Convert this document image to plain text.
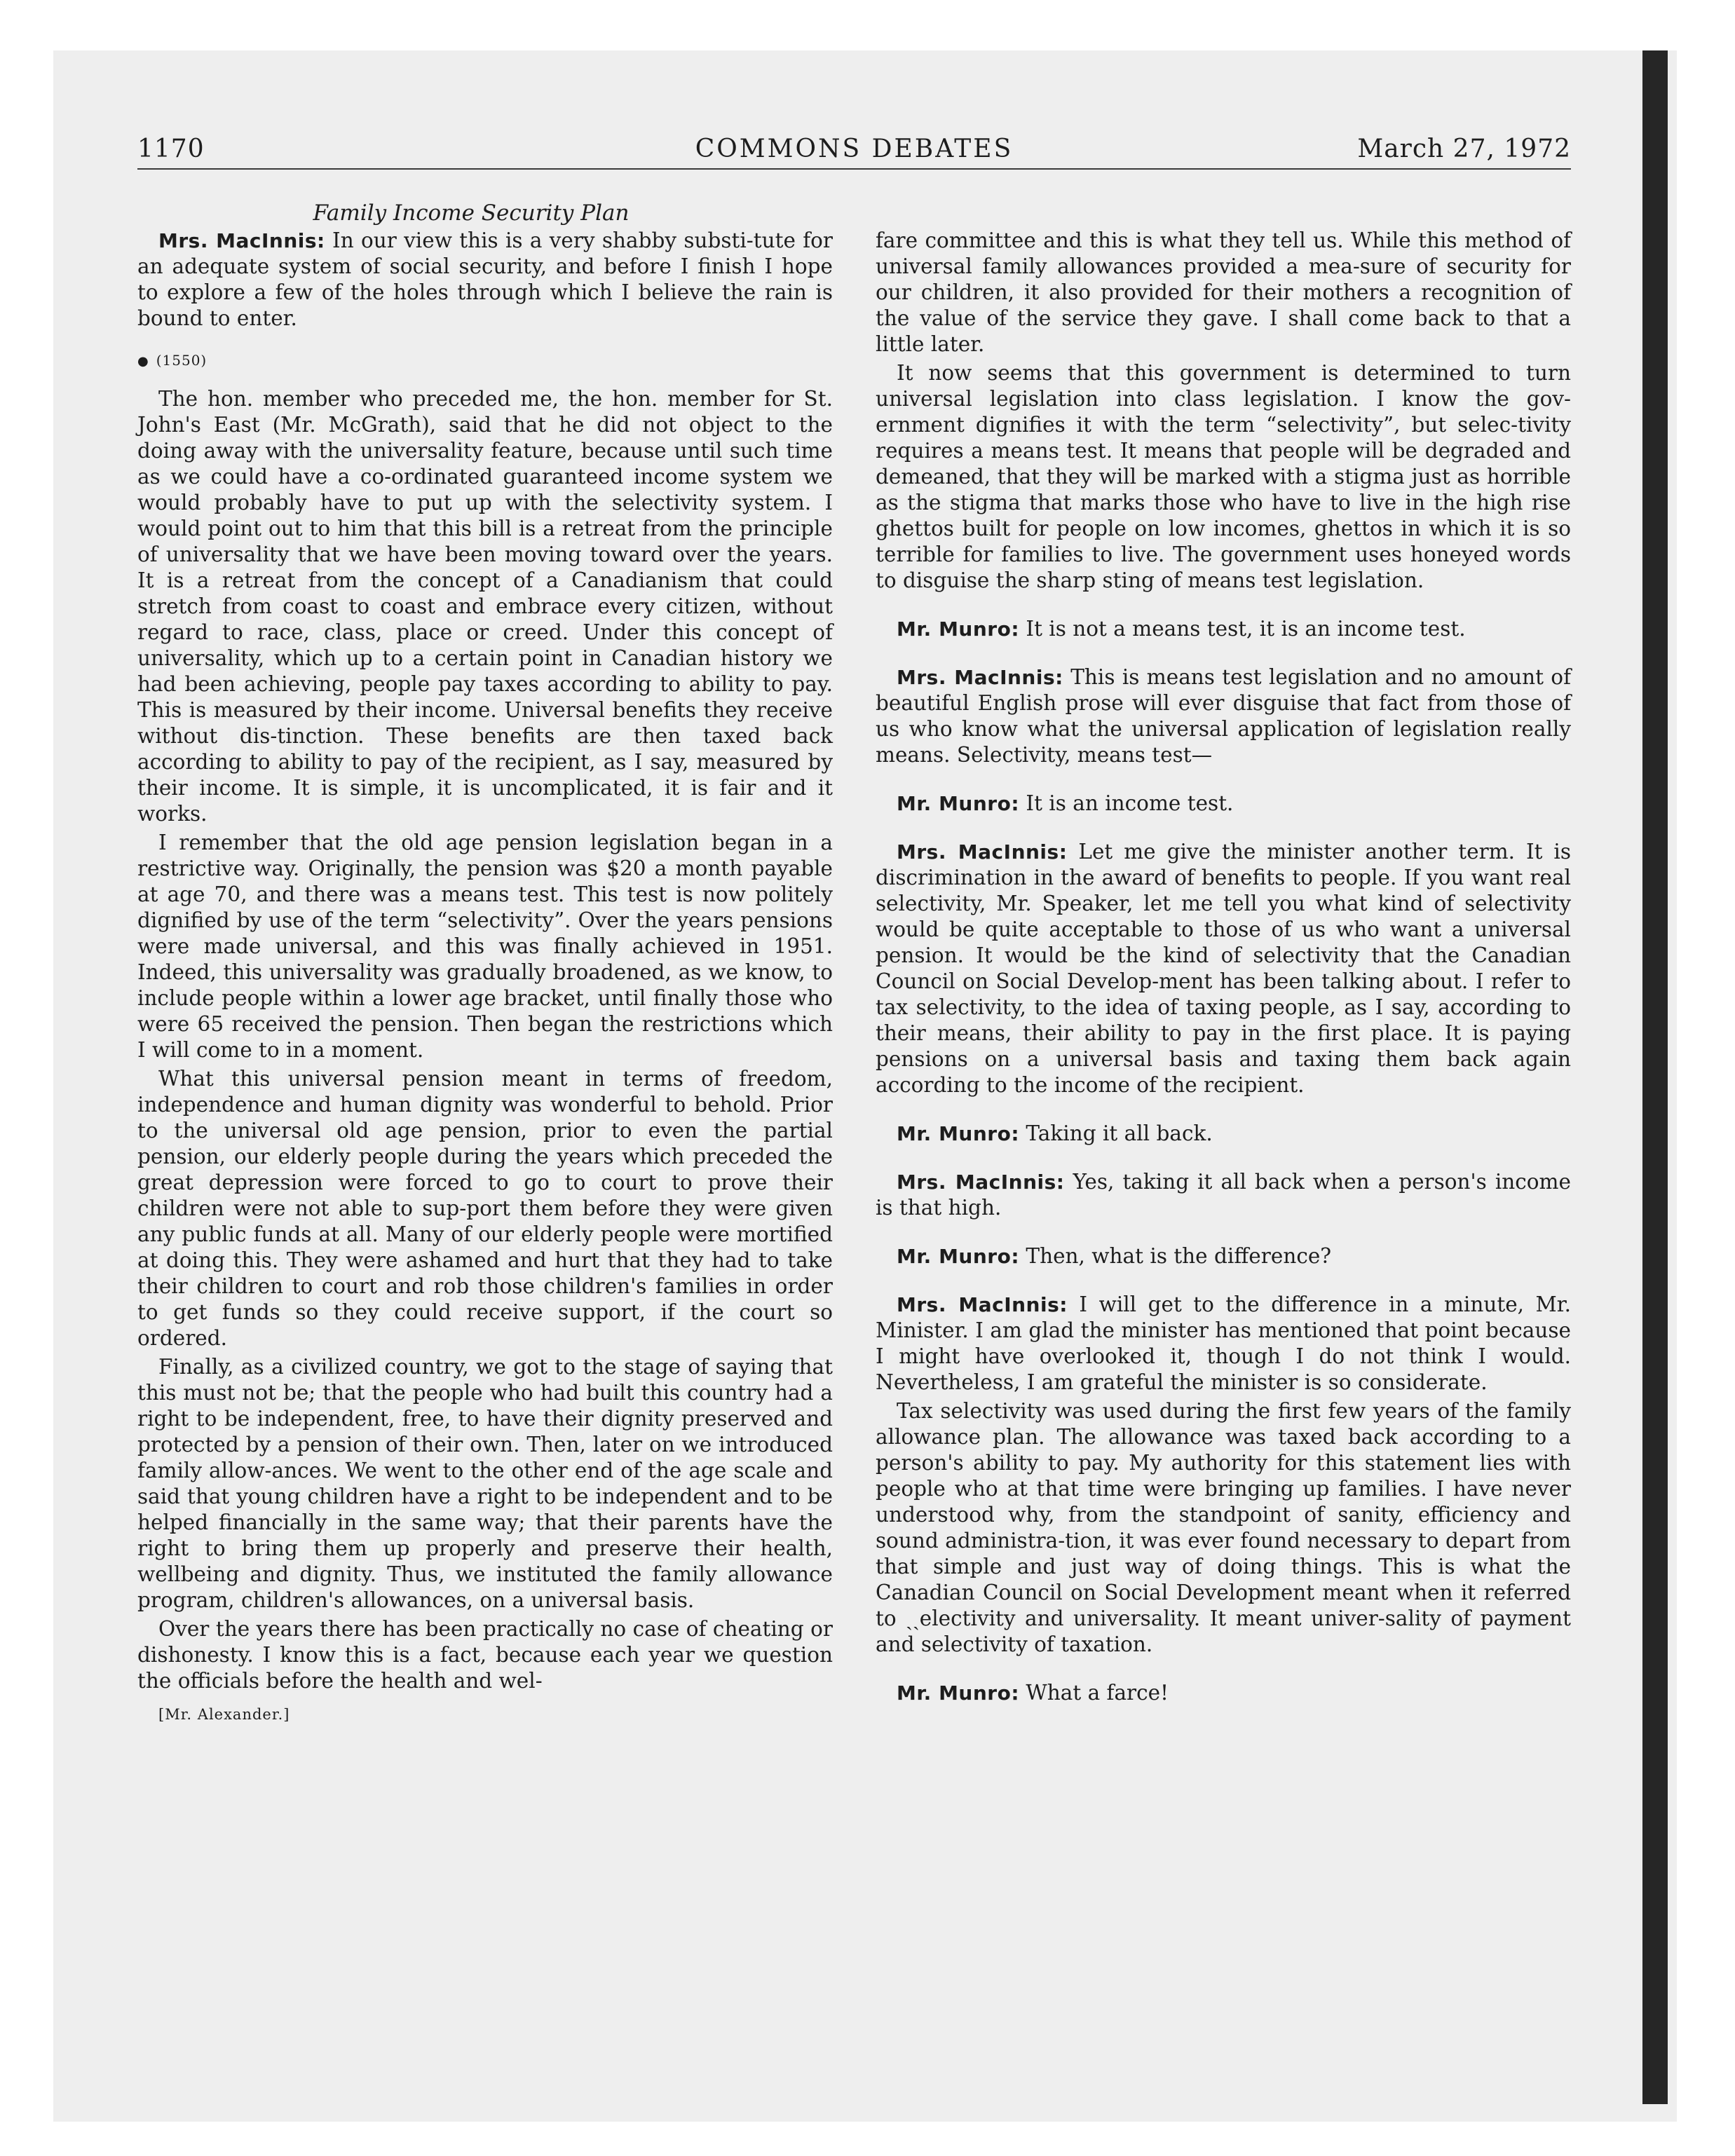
1170	COMMONS DEBATES	March 27, 1972
Family Income Security Plan

Mrs. MacInnis: In our view this is a very shabby substi-tute for an adequate system of social security, and before I finish I hope to explore a few of the holes through which I believe the rain is bound to enter.

● (1550)

The hon. member who preceded me, the hon. member for St. John's East (Mr. McGrath), said that he did not object to the doing away with the universality feature, because until such time as we could have a co-ordinated guaranteed income system we would probably have to put up with the selectivity system. I would point out to him that this bill is a retreat from the principle of universality that we have been moving toward over the years. It is a retreat from the concept of a Canadianism that could stretch from coast to coast and embrace every citizen, without regard to race, class, place or creed. Under this concept of universality, which up to a certain point in Canadian history we had been achieving, people pay taxes according to ability to pay. This is measured by their income. Universal benefits they receive without dis-tinction. These benefits are then taxed back according to ability to pay of the recipient, as I say, measured by their income. It is simple, it is uncomplicated, it is fair and it works.

I remember that the old age pension legislation began in a restrictive way. Originally, the pension was $20 a month payable at age 70, and there was a means test. This test is now politely dignified by use of the term “selectivity”. Over the years pensions were made universal, and this was finally achieved in 1951. Indeed, this universality was gradually broadened, as we know, to include people within a lower age bracket, until finally those who were 65 received the pension. Then began the restrictions which I will come to in a moment.

What this universal pension meant in terms of freedom, independence and human dignity was wonderful to behold. Prior to the universal old age pension, prior to even the partial pension, our elderly people during the years which preceded the great depression were forced to go to court to prove their children were not able to sup-port them before they were given any public funds at all. Many of our elderly people were mortified at doing this. They were ashamed and hurt that they had to take their children to court and rob those children's families in order to get funds so they could receive support, if the court so ordered.

Finally, as a civilized country, we got to the stage of saying that this must not be; that the people who had built this country had a right to be independent, free, to have their dignity preserved and protected by a pension of their own. Then, later on we introduced family allow-ances. We went to the other end of the age scale and said that young children have a right to be independent and to be helped financially in the same way; that their parents have the right to bring them up properly and preserve their health, wellbeing and dignity. Thus, we instituted the family allowance program, children's allowances, on a universal basis.

Over the years there has been practically no case of cheating or dishonesty. I know this is a fact, because each year we question the officials before the health and wel-

[Mr. Alexander.]

fare committee and this is what they tell us. While this method of universal family allowances provided a mea-sure of security for our children, it also provided for their mothers a recognition of the value of the service they gave. I shall come back to that a little later.

It now seems that this government is determined to turn universal legislation into class legislation. I know the gov-ernment dignifies it with the term “selectivity”, but selec-tivity requires a means test. It means that people will be degraded and demeaned, that they will be marked with a stigma just as horrible as the stigma that marks those who have to live in the high rise ghettos built for people on low incomes, ghettos in which it is so terrible for families to live. The government uses honeyed words to disguise the sharp sting of means test legislation.

Mr. Munro: It is not a means test, it is an income test.

Mrs. MacInnis: This is means test legislation and no amount of beautiful English prose will ever disguise that fact from those of us who know what the universal application of legislation really means. Selectivity, means test—

Mr. Munro: It is an income test.

Mrs. MacInnis: Let me give the minister another term. It is discrimination in the award of benefits to people. If you want real selectivity, Mr. Speaker, let me tell you what kind of selectivity would be quite acceptable to those of us who want a universal pension. It would be the kind of selectivity that the Canadian Council on Social Develop-ment has been talking about. I refer to tax selectivity, to the idea of taxing people, as I say, according to their means, their ability to pay in the first place. It is paying pensions on a universal basis and taxing them back again according to the income of the recipient.

Mr. Munro: Taking it all back.

Mrs. MacInnis: Yes, taking it all back when a person's income is that high.

Mr. Munro: Then, what is the difference?

Mrs. MacInnis: I will get to the difference in a minute, Mr. Minister. I am glad the minister has mentioned that point because I might have overlooked it, though I do not think I would. Nevertheless, I am grateful the minister is so considerate.

Tax selectivity was used during the first few years of the family allowance plan. The allowance was taxed back according to a person's ability to pay. My authority for this statement lies with people who at that time were bringing up families. I have never understood why, from the standpoint of sanity, efficiency and sound administra-tion, it was ever found necessary to depart from that simple and just way of doing things. This is what the Canadian Council on Social Development meant when it referred to ˎˏelectivity and universality. It meant univer-sality of payment and selectivity of taxation.

Mr. Munro: What a farce!
